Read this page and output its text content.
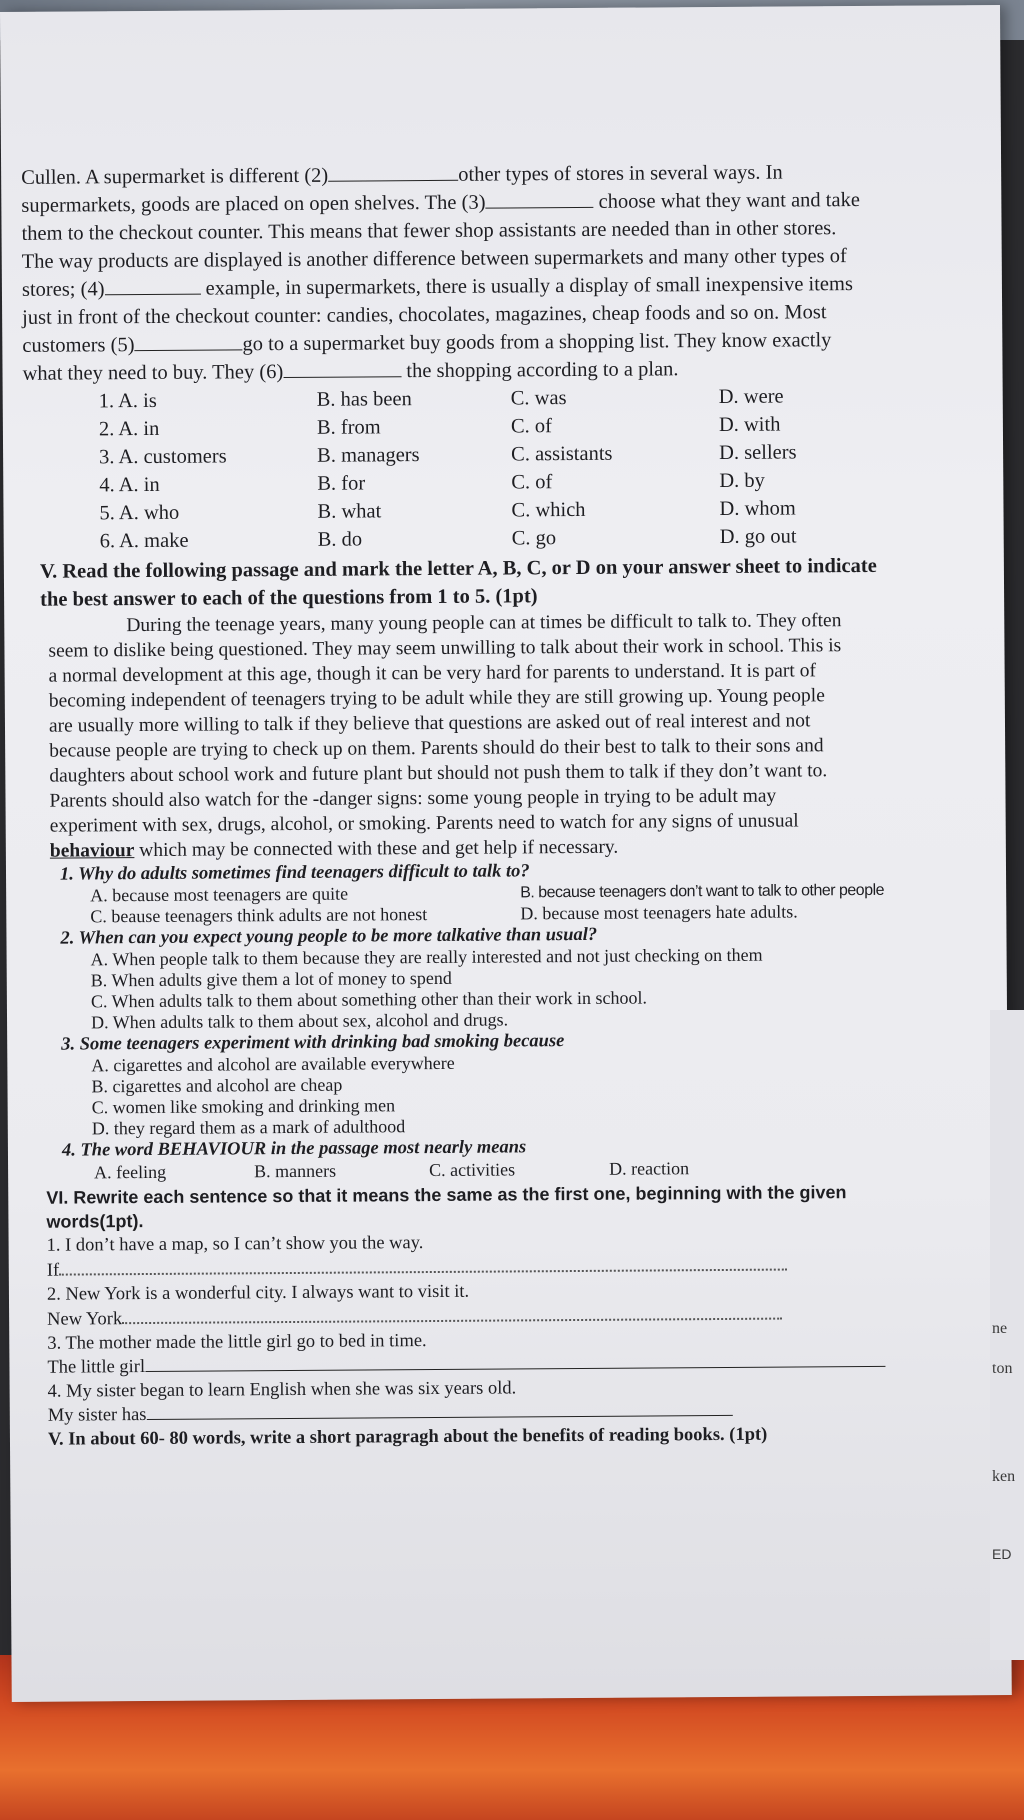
Cullen. A supermarket is different (2)	other types of stores in several ways. In

supermarkets, goods are placed on open shelves. The (3)	choose what they want and take

them to the checkout counter. This means that fewer shop assistants are needed than in other stores.

The way products are displayed is another difference between supermarkets and many other types of

stores; (4)	example, in supermarkets, there is usually a display of small inexpensive items

just in front of the checkout counter: candies, chocolates, magazines, cheap foods and so on. Most

customers (5)	go to a supermarket buy goods from a shopping list. They know exactly

what they need to buy. They (6)	the shopping according to a plan.

1. A. is	B. has been	C. was	D. were
2. A. in	B. from	C. of	D. with
3. A. customers	B. managers	C. assistants	D. sellers
4. A. in	B. for	C. of	D. by
5. A. who	B. what	C. which	D. whom
6. A. make	B. do	C. go	D. go out

V. Read the following passage and mark the letter A, B, C, or D on your answer sheet to indicate

the best answer to each of the questions from 1 to 5. (1pt)

During the teenage years, many young people can at times be difficult to talk to. They often

seem to dislike being questioned. They may seem unwilling to talk about their work in school. This is

a normal development at this age, though it can be very hard for parents to understand. It is part of

becoming independent of teenagers trying to be adult while they are still growing up. Young people

are usually more willing to talk if they believe that questions are asked out of real interest and not

because people are trying to check up on them. Parents should do their best to talk to their sons and

daughters about school work and future plant but should not push them to talk if they don’t want to.

Parents should also watch for the -danger signs: some young people in trying to be adult may

experiment with sex, drugs, alcohol, or smoking. Parents need to watch for any signs of unusual

behaviour which may be connected with these and get help if necessary.

1. Why do adults sometimes find teenagers difficult to talk to?

A. because most teenagers are quite	B. because teenagers don’t want to talk to other people
C. beause teenagers think adults are not honest	D. because most teenagers hate adults.

2. When can you expect young people to be more talkative than usual?

A. When people talk to them because they are really interested and not just checking on them

B. When adults give them a lot of money to spend

C. When adults talk to them about something other than their work in school.

D. When adults talk to them about sex, alcohol and drugs.

3. Some teenagers experiment with drinking bad smoking because

A. cigarettes and alcohol are available everywhere

B. cigarettes and alcohol are cheap

C. women like smoking and drinking men

D. they regard them as a mark of adulthood

4. The word BEHAVIOUR in the passage most nearly means

A. feeling	B. manners	C. activities	D. reaction

VI. Rewrite each sentence so that it means the same as the first one, beginning with the given

words(1pt).

1. I don’t have a map, so I can’t show you the way.

If

2. New York is a wonderful city. I always want to visit it.

New York

3. The mother made the little girl go to bed in time.

The little girl

4. My sister began to learn English when she was six years old.

My sister has

V. In about 60- 80 words, write a short paragragh about the benefits of reading books. (1pt)

ne
ton
ken
ED
